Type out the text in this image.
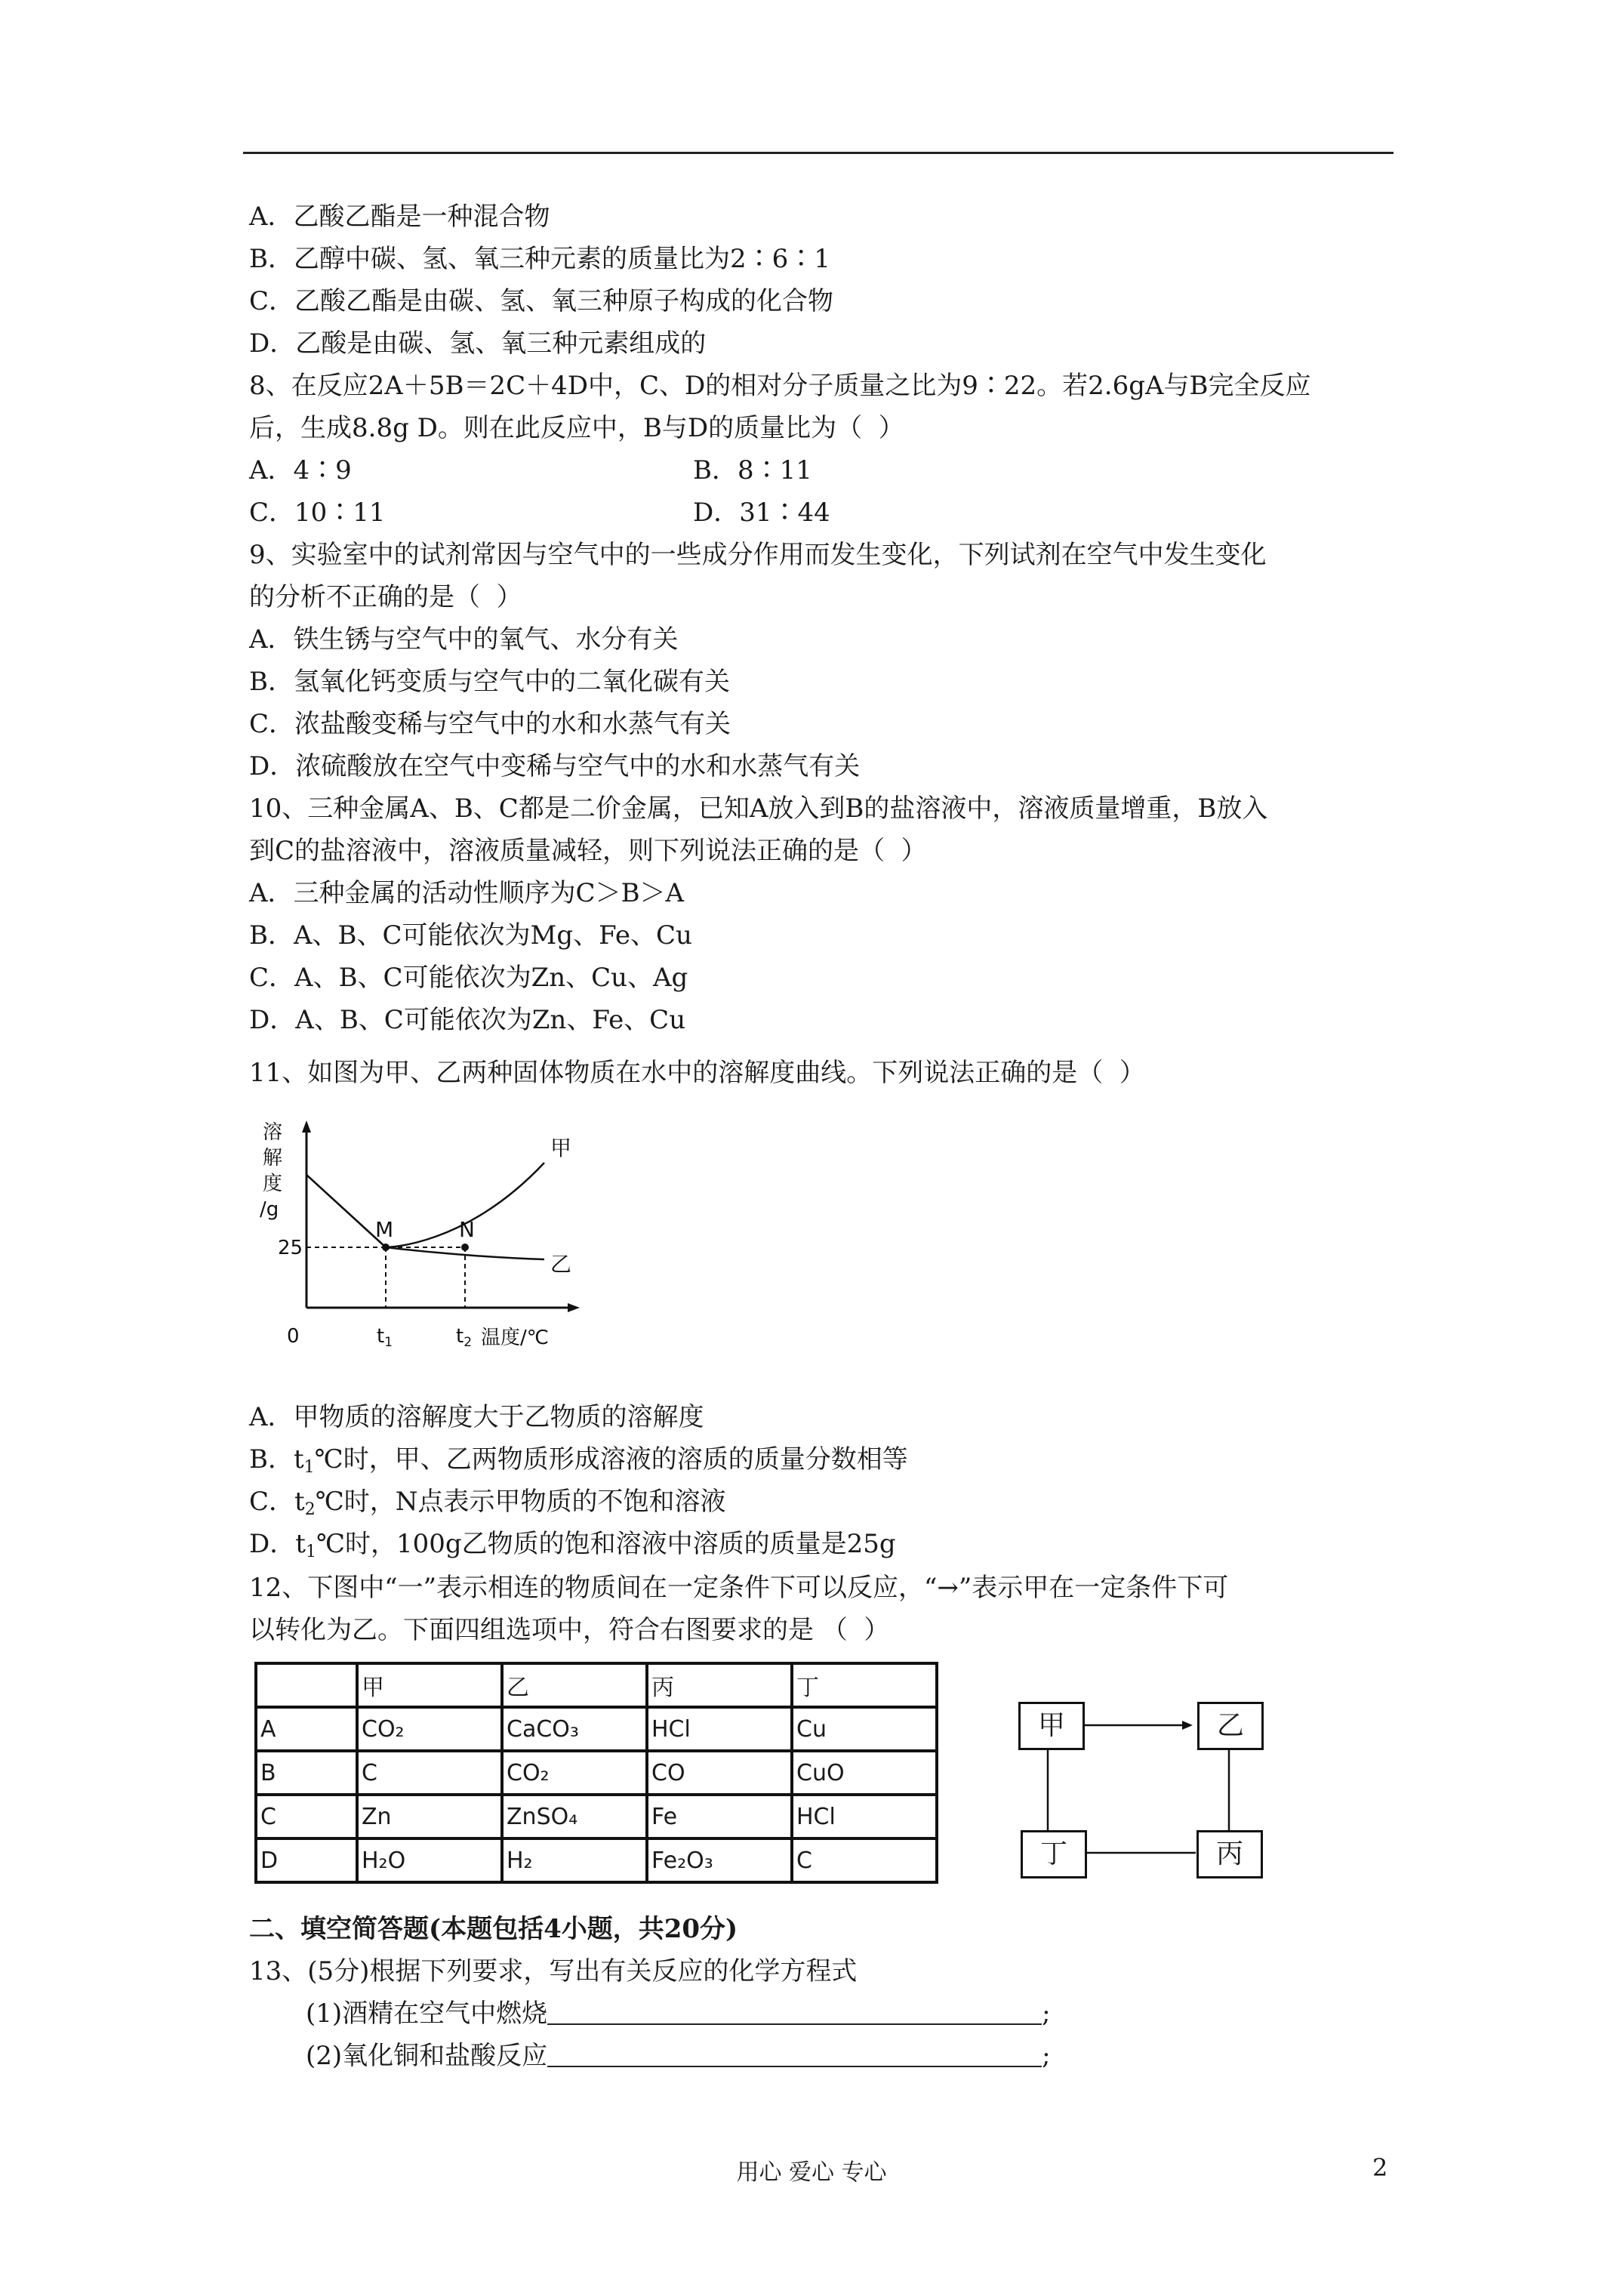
A．乙酸乙酯是一种混合物
B．乙醇中碳、氢、氧三种元素的质量比为2∶6∶1
C．乙酸乙酯是由碳、氢、氧三种原子构成的化合物
D．乙酸是由碳、氢、氧三种元素组成的
8、在反应2A＋5B＝2C＋4D中，C、D的相对分子质量之比为9∶22。若2.6gA与B完全反应
后，生成8.8g D。则在此反应中，B与D的质量比为（  ）
A．4∶9	B．8∶11
C．10∶11	D．31∶44
9、实验室中的试剂常因与空气中的一些成分作用而发生变化，下列试剂在空气中发生变化
的分析不正确的是（  ）
A．铁生锈与空气中的氧气、水分有关
B．氢氧化钙变质与空气中的二氧化碳有关
C．浓盐酸变稀与空气中的水和水蒸气有关
D．浓硫酸放在空气中变稀与空气中的水和水蒸气有关
10、三种金属A、B、C都是二价金属，已知A放入到B的盐溶液中，溶液质量增重，B放入
到C的盐溶液中，溶液质量减轻，则下列说法正确的是（  ）
A．三种金属的活动性顺序为C＞B＞A
B．A、B、C可能依次为Mg、Fe、Cu
C．A、B、C可能依次为Zn、Cu、Ag
D．A、B、C可能依次为Zn、Fe、Cu
11、如图为甲、乙两种固体物质在水中的溶解度曲线。下列说法正确的是（  ）
溶
解
度
/g
温度/℃
0
甲
乙
M	N
25
t1	t2
A．甲物质的溶解度大于乙物质的溶解度
B．$t_1℃$时，甲、乙两物质形成溶液的溶质的质量分数相等
C．$t_2℃$时，N点表示甲物质的不饱和溶液
D．$t_1℃$时，100g乙物质的饱和溶液中溶质的质量是25g
12、下图中“一”表示相连的物质间在一定条件下可以反应，“→”表示甲在一定条件下可
以转化为乙。下面四组选项中，符合右图要求的是 （  ）
	甲	乙	丙	丁
A	CO₂	CaCO₃	HCl	Cu
B	C	CO₂	CO	CuO
C	Zn	ZnSO₄	Fe	HCl
D	H₂O	H₂	Fe₂O₃	C
甲	乙
丁	丙
二、填空简答题(本题包括4小题，共20分)
13、(5分)根据下列要求，写出有关反应的化学方程式
(1)酒精在空气中燃烧	;
(2)氧化铜和盐酸反应	;
用心 爱心 专心	2
